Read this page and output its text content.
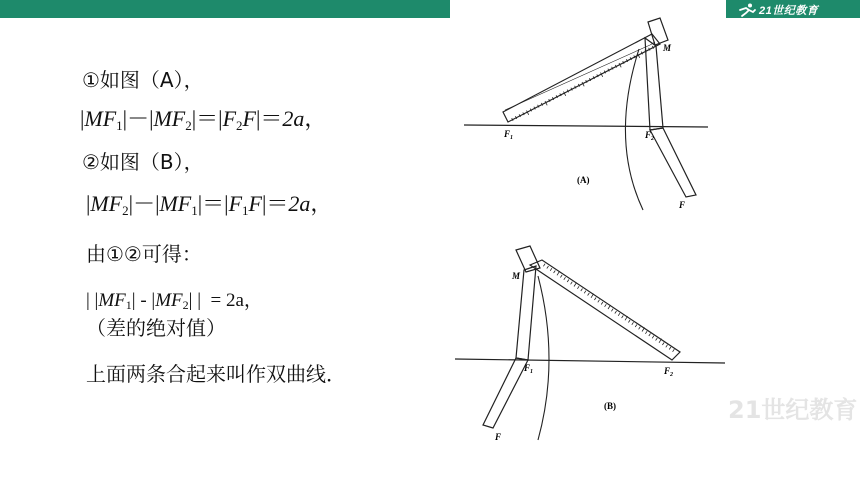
21世纪教育
①如图（A），
$|MF_1|-|MF_2|=|F_2F|=2a$，
②如图（B），
$|MF_2|-|MF_1|=|F_1F|=2a$，
由①②可得：
| $|MF_1| - |MF_2|$ |  = 2a，
（差的绝对值）
上面两条合起来叫作双曲线．
M
$F_1$	$F_2$
F
(A)
M
$F_1$	$F_2$
F
(B)	21世纪教育
